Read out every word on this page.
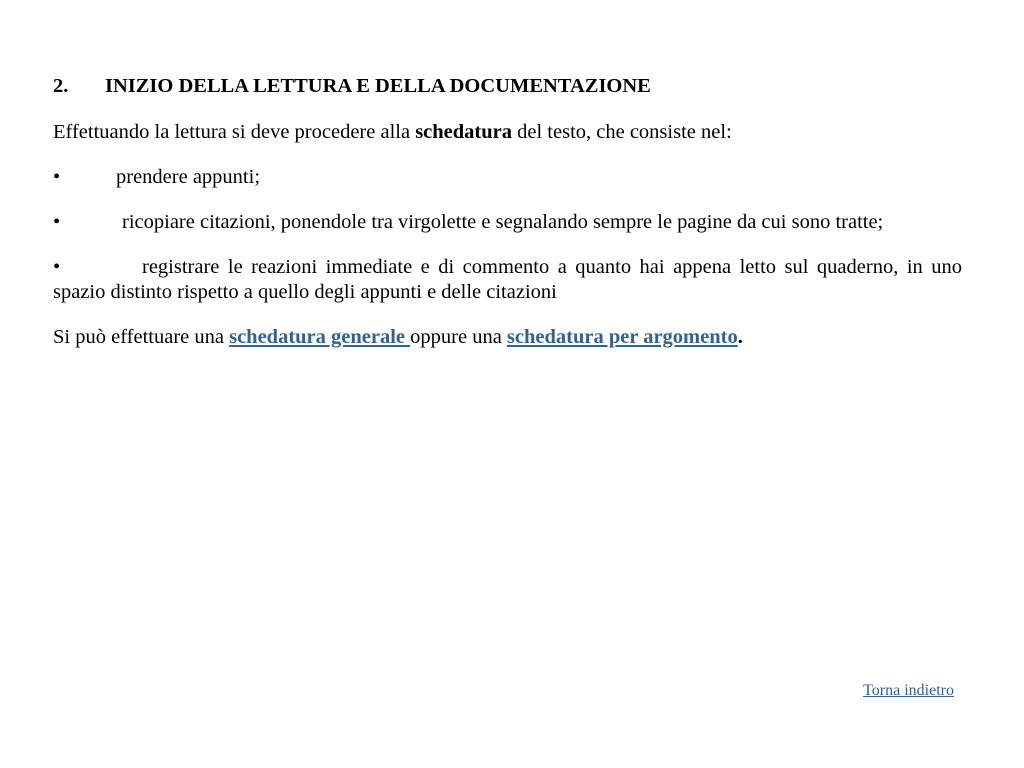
2. INIZIO DELLA LETTURA E DELLA DOCUMENTAZIONE
Effettuando la lettura si deve procedere alla schedatura del testo, che consiste nel:
•	prendere appunti;
•	ricopiare citazioni, ponendole tra virgolette e segnalando sempre le pagine da cui sono tratte;
•	registrare le reazioni immediate e di commento a quanto hai appena letto sul quaderno, in uno spazio distinto rispetto a quello degli appunti e delle citazioni
Si può effettuare una schedatura generale oppure una schedatura per argomento.
Torna indietro
